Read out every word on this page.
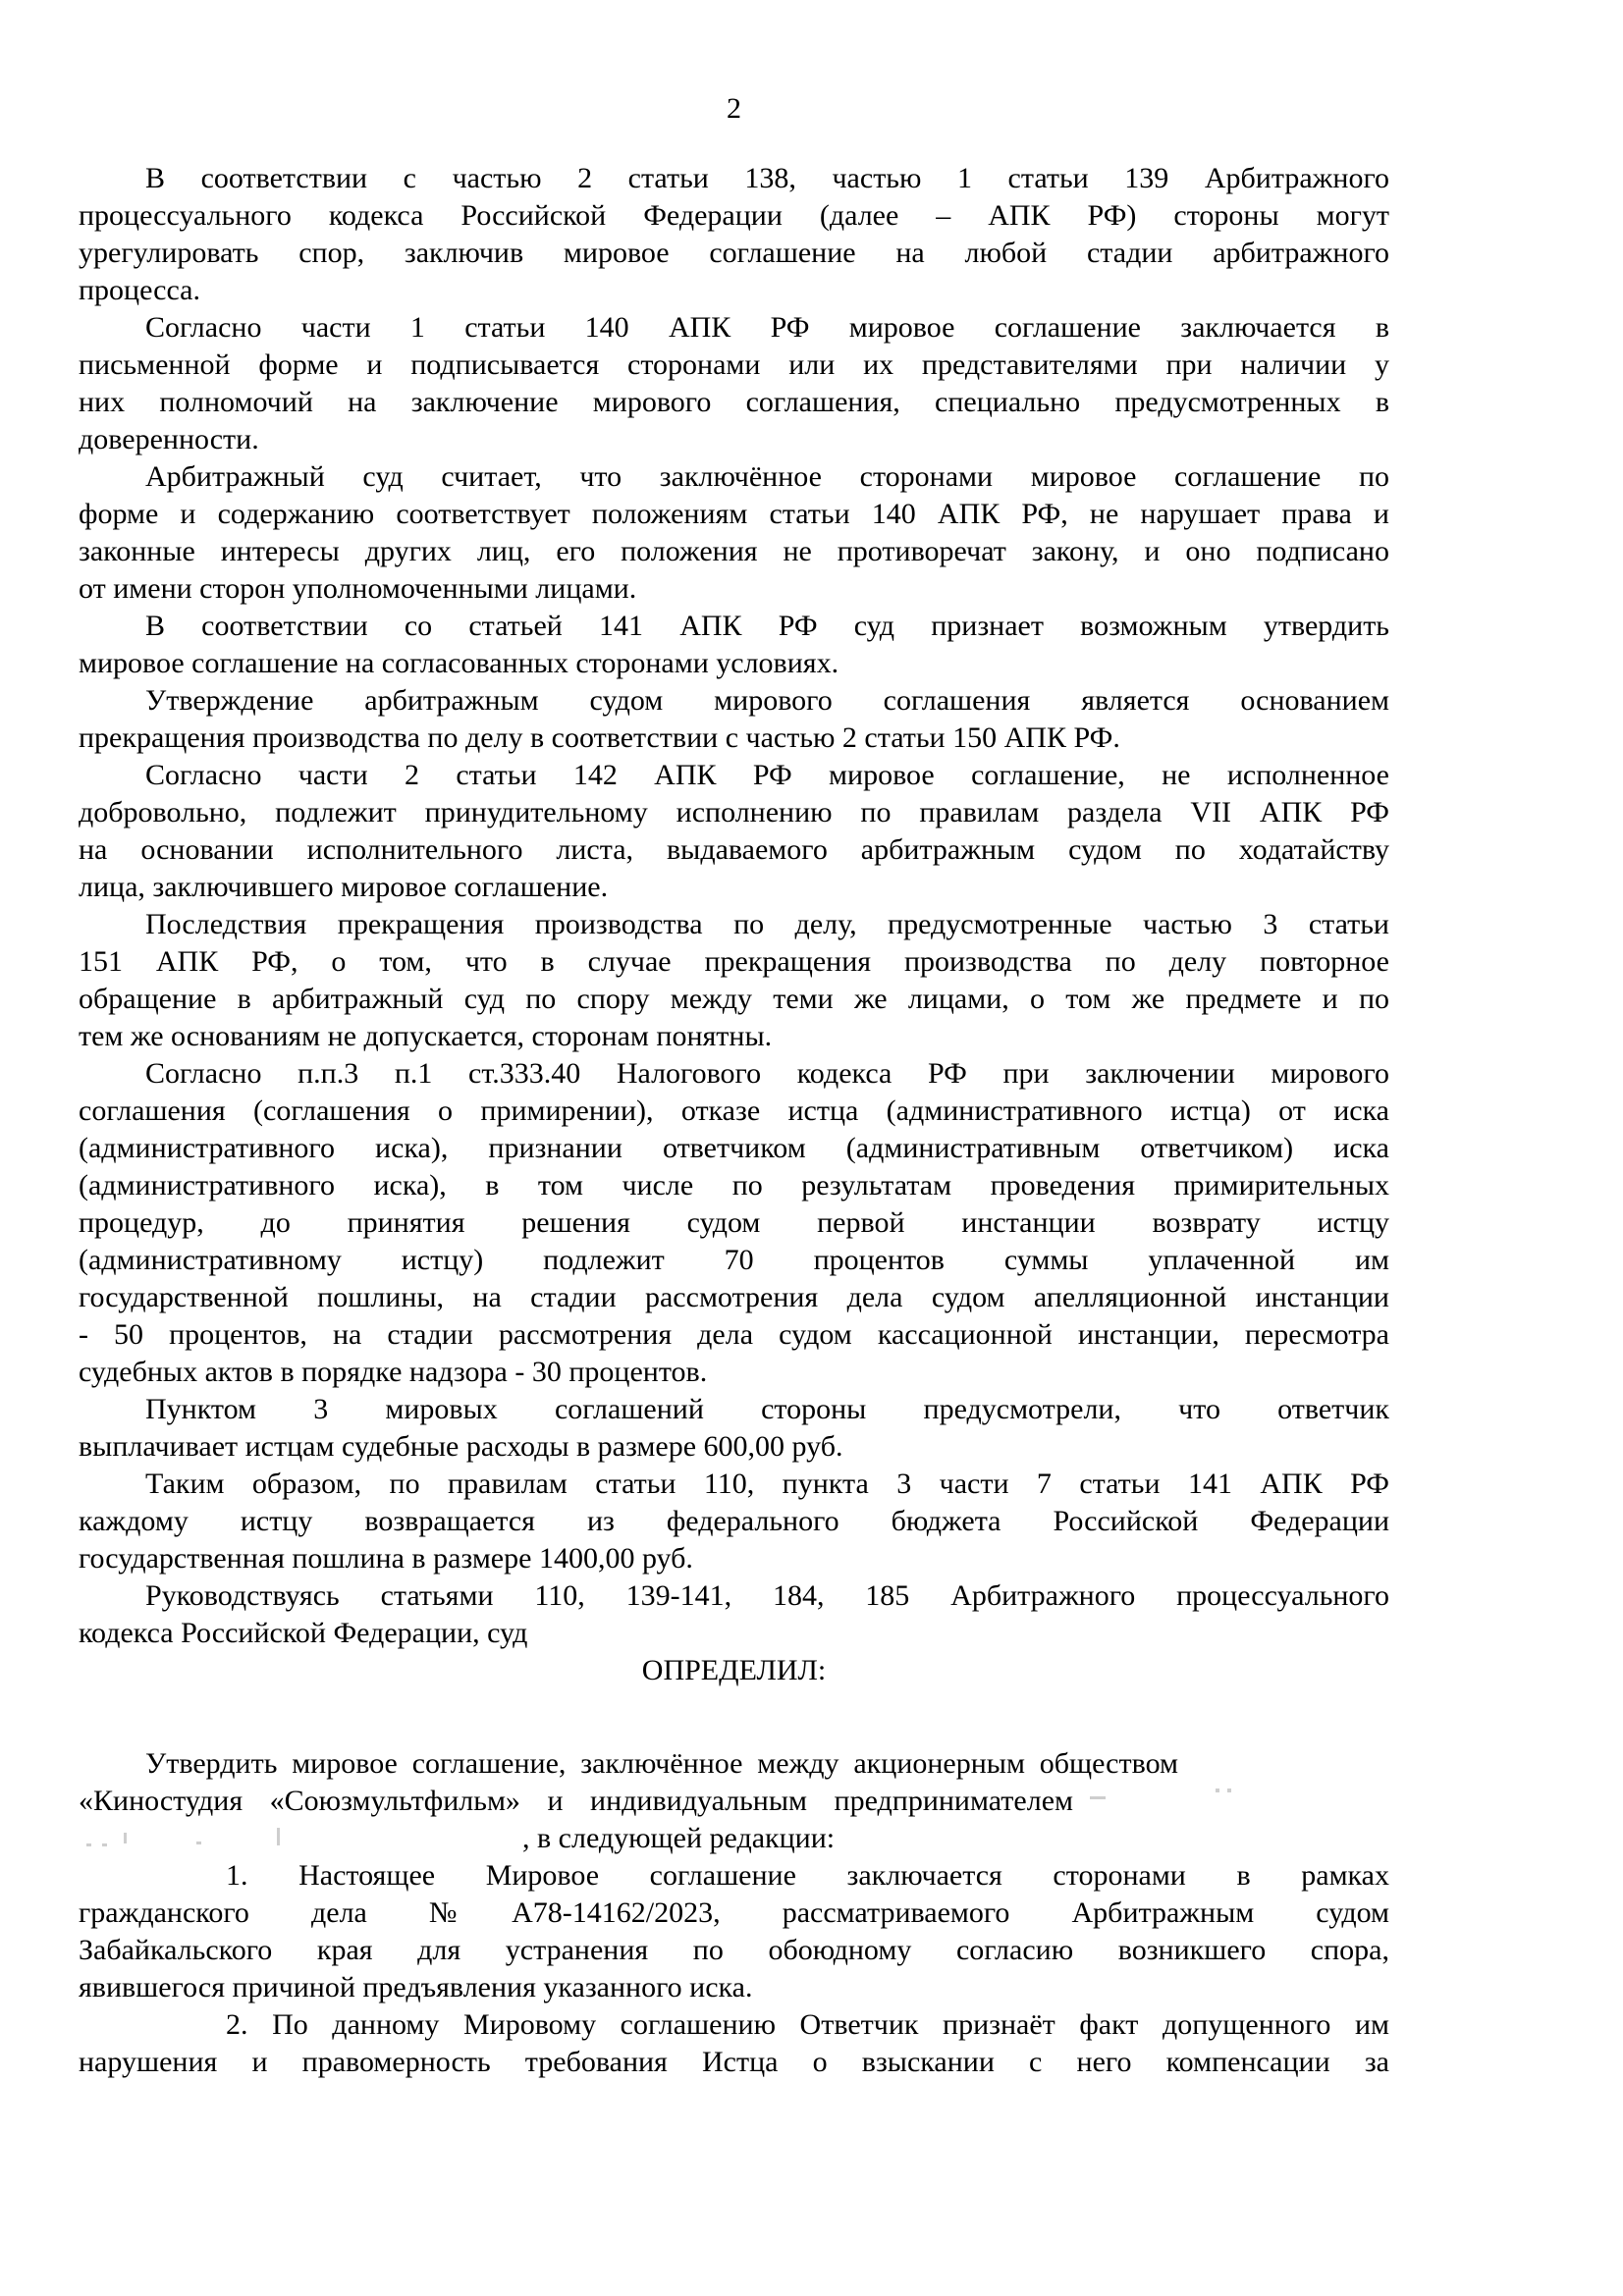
2
В соответствии с частью 2 статьи 138, частью 1 статьи 139 Арбитражного
процессуального кодекса Российской Федерации (далее – АПК РФ) стороны могут
урегулировать спор, заключив мировое соглашение на любой стадии арбитражного
процесса.
Согласно части 1 статьи 140 АПК РФ мировое соглашение заключается в
письменной форме и подписывается сторонами или их представителями при наличии у
них полномочий на заключение мирового соглашения, специально предусмотренных в
доверенности.
Арбитражный суд считает, что заключённое сторонами мировое соглашение по
форме и содержанию соответствует положениям статьи 140 АПК РФ, не нарушает права и
законные интересы других лиц, его положения не противоречат закону, и оно подписано
от имени сторон уполномоченными лицами.
В соответствии со статьей 141 АПК РФ суд признает возможным утвердить
мировое соглашение на согласованных сторонами условиях.
Утверждение арбитражным судом мирового соглашения является основанием
прекращения производства по делу в соответствии с частью 2 статьи 150 АПК РФ.
Согласно части 2 статьи 142 АПК РФ мировое соглашение, не исполненное
добровольно, подлежит принудительному исполнению по правилам раздела VII АПК РФ
на основании исполнительного листа, выдаваемого арбитражным судом по ходатайству
лица, заключившего мировое соглашение.
Последствия прекращения производства по делу, предусмотренные частью 3 статьи
151 АПК РФ, о том, что в случае прекращения производства по делу повторное
обращение в арбитражный суд по спору между теми же лицами, о том же предмете и по
тем же основаниям не допускается, сторонам понятны.
Согласно п.п.3 п.1 ст.333.40 Налогового кодекса РФ при заключении мирового
соглашения (соглашения о примирении), отказе истца (административного истца) от иска
(административного иска), признании ответчиком (административным ответчиком) иска
(административного иска), в том числе по результатам проведения примирительных
процедур, до принятия решения судом первой инстанции возврату истцу
(административному истцу) подлежит 70 процентов суммы уплаченной им
государственной пошлины, на стадии рассмотрения дела судом апелляционной инстанции
- 50 процентов, на стадии рассмотрения дела судом кассационной инстанции, пересмотра
судебных актов в порядке надзора - 30 процентов.
Пунктом 3 мировых соглашений стороны предусмотрели, что ответчик
выплачивает истцам судебные расходы в размере 600,00 руб.
Таким образом, по правилам статьи 110, пункта 3 части 7 статьи 141 АПК РФ
каждому истцу возвращается из федерального бюджета Российской Федерации
государственная пошлина в размере 1400,00 руб.
Руководствуясь статьями 110, 139-141, 184, 185 Арбитражного процессуального
кодекса Российской Федерации, суд
ОПРЕДЕЛИЛ:
Утвердить мировое соглашение, заключённое между акционерным обществом
«Киностудия «Союзмультфильм» и индивидуальным предпринимателем
, в следующей редакции:
1. Настоящее Мировое соглашение заключается сторонами в рамках
гражданского дела №А78-14162/2023, рассматриваемого Арбитражным судом
Забайкальского края для устранения по обоюдному согласию возникшего спора,
явившегося причиной предъявления указанного иска.
2. По данному Мировому соглашению Ответчик признаёт факт допущенного им
нарушения и правомерность требования Истца о взыскании с него компенсации за
